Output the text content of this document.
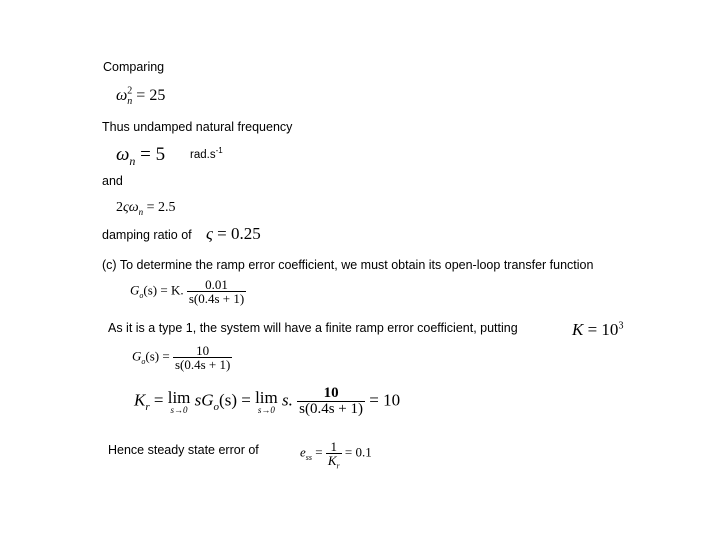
Comparing
$\omega^2_n = 25$
Thus undamped natural frequency
$\omega_n = 5$ $rad.s^{-1}$
and
$2\varsigma\omega_n = 2.5$
damping ratio of ς = 0.25
(c) To determine the ramp error coefficient, we must obtain its open-loop transfer function
$G_o(s) = K$. $\frac{0.01}{s(0.4s + 1)}$
As it is a type 1, the system will have a finite ramp error coefficient, putting	$K = 10^3$
$G_o(s) = \frac{10}{s(0.4s + 1)}$
$K_r = \lim$
s→0
$sG_o(s) = \lim$
s→0
s. $\frac{10}{s(0.4s + 1)} = 10$
Hence steady state error of	$e_{ss} = \frac{1}{K_r} = 0.1$
